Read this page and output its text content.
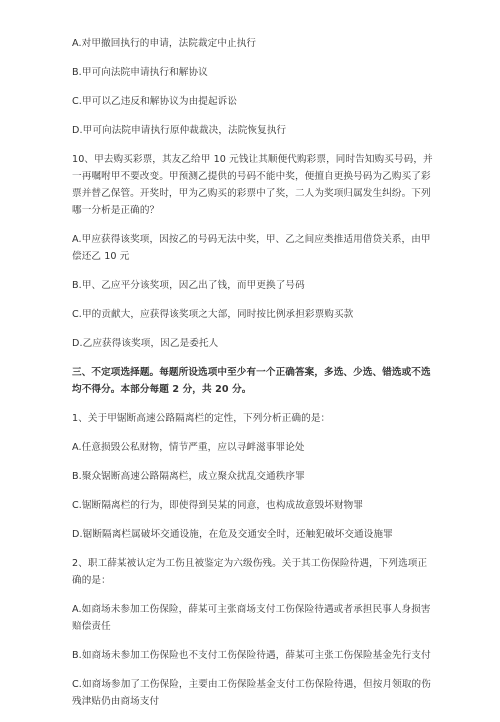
A.对甲撤回执行的申请，法院裁定中止执行

B.甲可向法院申请执行和解协议

C.甲可以乙违反和解协议为由提起诉讼

D.甲可向法院申请执行原仲裁裁决，法院恢复执行

10、甲去购买彩票，其友乙给甲 10 元钱让其顺便代购彩票，同时告知购买号码，并一再嘱咐甲不要改变。甲预测乙提供的号码不能中奖，便擅自更换号码为乙购买了彩票并替乙保管。开奖时，甲为乙购买的彩票中了奖，二人为奖项归属发生纠纷。下列哪一分析是正确的？

A.甲应获得该奖项，因按乙的号码无法中奖，甲、乙之间应类推适用借贷关系，由甲偿还乙 10 元

B.甲、乙应平分该奖项，因乙出了钱，而甲更换了号码

C.甲的贡献大，应获得该奖项之大部，同时按比例承担彩票购买款

D.乙应获得该奖项，因乙是委托人

三、不定项选择题。每题所设选项中至少有一个正确答案，多选、少选、错选或不选均不得分。本部分每题 2 分，共 20 分。

1、关于甲锯断高速公路隔离栏的定性，下列分析正确的是：

A.任意损毁公私财物，情节严重，应以寻衅滋事罪论处

B.聚众锯断高速公路隔离栏，成立聚众扰乱交通秩序罪

C.锯断隔离栏的行为，即使得到吴某的同意，也构成故意毁坏财物罪

D.锯断隔离栏属破坏交通设施，在危及交通安全时，还触犯破坏交通设施罪

2、职工薛某被认定为工伤且被鉴定为六级伤残。关于其工伤保险待遇，下列选项正确的是：

A.如商场未参加工伤保险，薛某可主张商场支付工伤保险待遇或者承担民事人身损害赔偿责任

B.如商场未参加工伤保险也不支付工伤保险待遇，薛某可主张工伤保险基金先行支付

C.如商场参加了工伤保险，主要由工伤保险基金支付工伤保险待遇，但按月领取的伤残津贴仍由商场支付
